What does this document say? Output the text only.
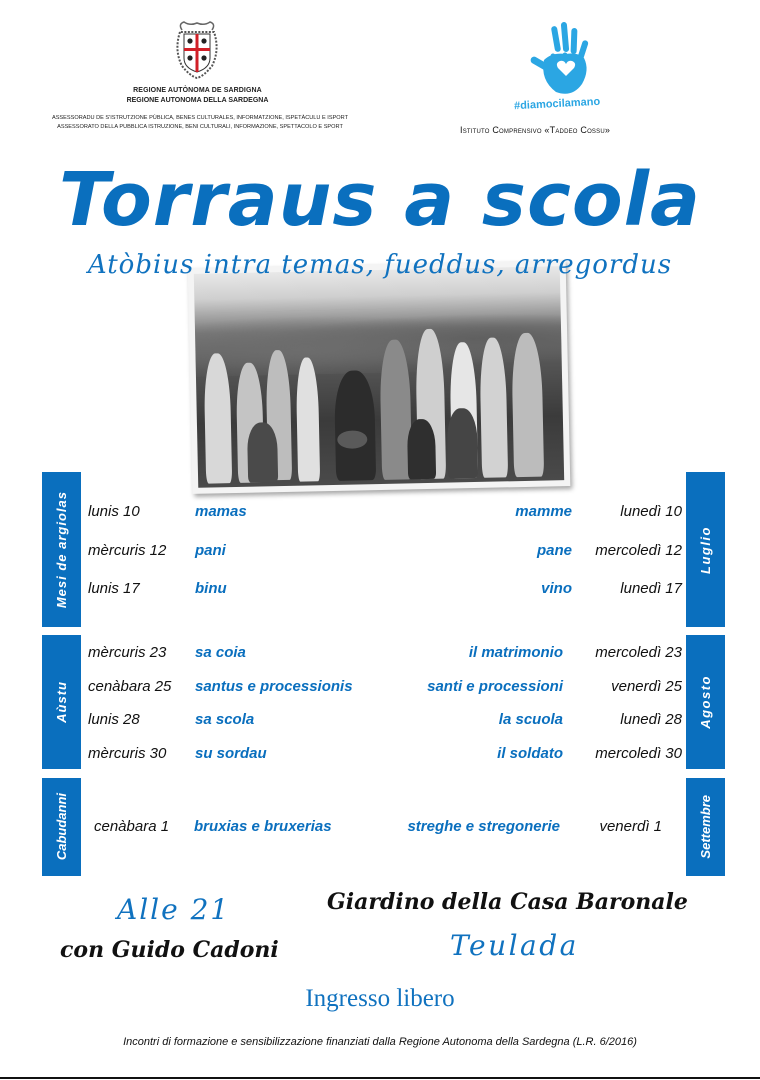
REGIONE AUTÒNOMA DE SARDIGNA
REGIONE AUTONOMA DELLA SARDEGNA
ASSESSORADU DE S'ISTRUTZIONE PÙBLICA, BENES CULTURALES, INFORMATZIONE, ISPETÀCULU E ISPORT
ASSESSORATO DELLA PUBBLICA ISTRUZIONE, BENI CULTURALI, INFORMAZIONE, SPETTACOLO E SPORT
#diamocilamano
Istituto Comprensivo «Taddeo Cossu»
Torraus a scola
Atòbius intra temas, fueddus, arregordus
Mesi de argiolas	Luglio
Aùstu	Agosto
Cabudanni	Settembre
lunis 10	mamas	mamme	lunedì 10
mèrcuris 12 pani	pane mercoledì 12
lunis 17	binu	vino	lunedì 17
mèrcuris 23 sa coia	il matrimonio mercoledì 23
cenàbara 25 santus e processionis	santi e processioni	venerdì 25
lunis 28	sa scola	la scuola	lunedì 28
mèrcuris 30 su sordau	il soldato mercoledì 30
cenàbara 1 bruxias e bruxerias	streghe e stregonerie	venerdì 1
Alle 21
con Guido Cadoni
Giardino della Casa Baronale
Teulada
Ingresso libero
Incontri di formazione e sensibilizzazione finanziati dalla Regione Autonoma della Sardegna (L.R. 6/2016)
